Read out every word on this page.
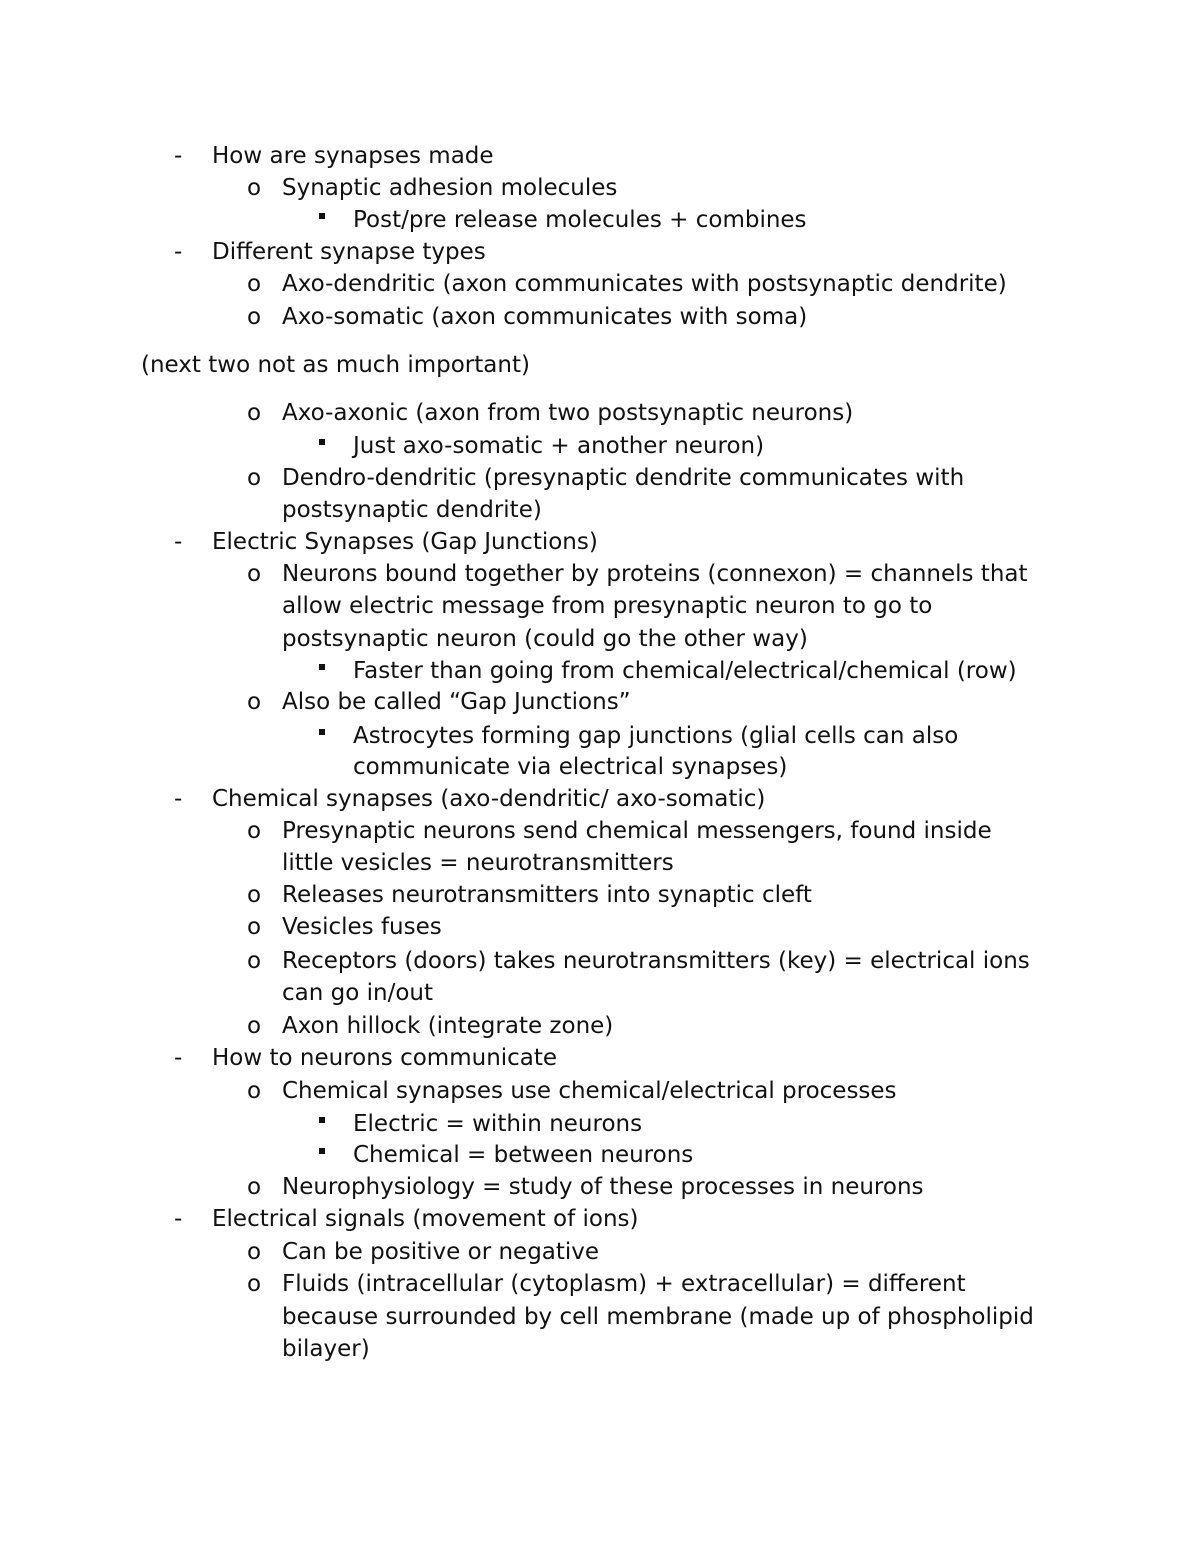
- How are synapses made
o Synaptic adhesion molecules
Post/pre release molecules + combines
- Different synapse types
o Axo-dendritic (axon communicates with postsynaptic dendrite)
o Axo-somatic (axon communicates with soma)
(next two not as much important)
o Axo-axonic (axon from two postsynaptic neurons)
Just axo-somatic + another neuron)
o Dendro-dendritic (presynaptic dendrite communicates with
postsynaptic dendrite)
- Electric Synapses (Gap Junctions)
o Neurons bound together by proteins (connexon) = channels that
allow electric message from presynaptic neuron to go to
postsynaptic neuron (could go the other way)
Faster than going from chemical/electrical/chemical (row)
o Also be called “Gap Junctions”
Astrocytes forming gap junctions (glial cells can also
communicate via electrical synapses)
- Chemical synapses (axo-dendritic/ axo-somatic)
o Presynaptic neurons send chemical messengers, found inside
little vesicles = neurotransmitters
o Releases neurotransmitters into synaptic cleft
o Vesicles fuses
o Receptors (doors) takes neurotransmitters (key) = electrical ions
can go in/out
o Axon hillock (integrate zone)
- How to neurons communicate
o Chemical synapses use chemical/electrical processes
Electric = within neurons
Chemical = between neurons
o Neurophysiology = study of these processes in neurons
- Electrical signals (movement of ions)
o Can be positive or negative
o Fluids (intracellular (cytoplasm) + extracellular) = different
because surrounded by cell membrane (made up of phospholipid
bilayer)
